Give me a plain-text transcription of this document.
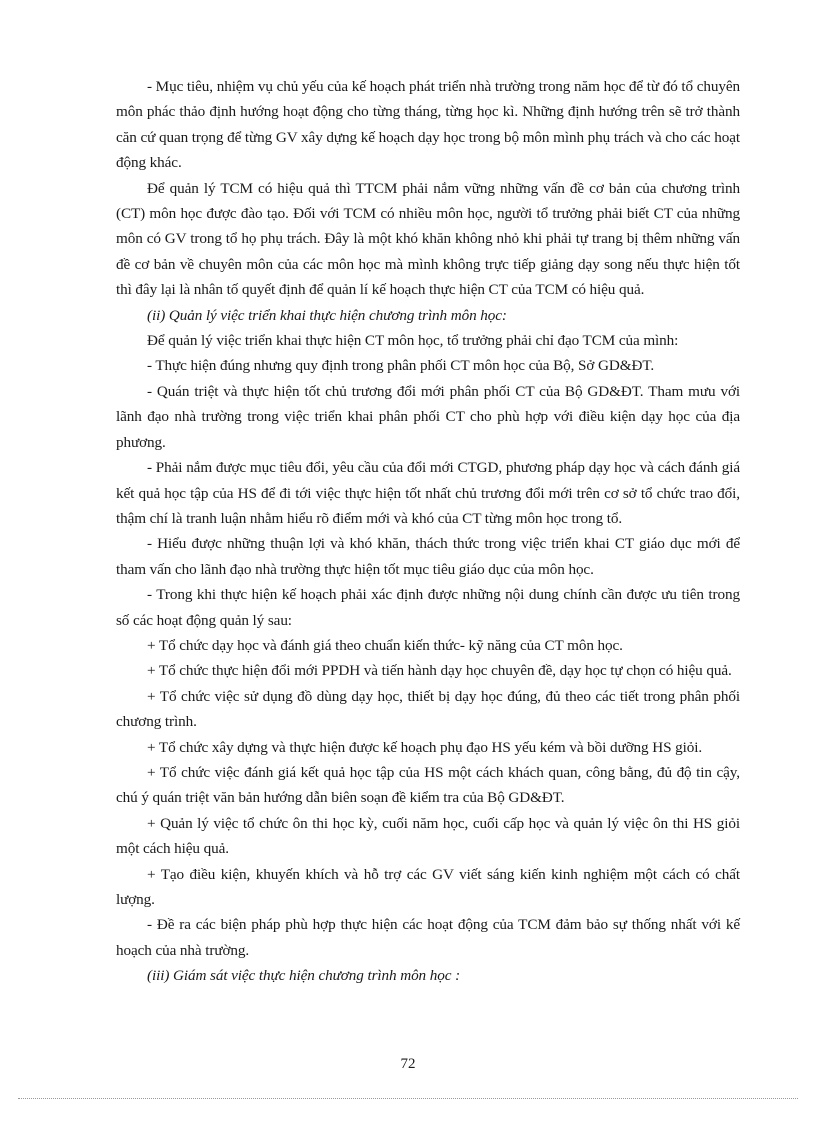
- Mục tiêu, nhiệm vụ chủ yếu của kế hoạch phát triển nhà trường trong năm học để từ đó tổ chuyên môn phác thảo định hướng hoạt động cho từng tháng, từng học kì. Những định hướng trên sẽ trở thành căn cứ quan trọng để từng GV xây dựng kế hoạch dạy học trong bộ môn mình phụ trách và cho các hoạt động khác.

Để quản lý TCM có hiệu quả thì TTCM phải nắm vững những vấn đề cơ bản của chương trình (CT) môn học được đào tạo. Đối với TCM có nhiều môn học, người tổ trưởng phải biết CT của những môn có GV trong tổ họ phụ trách. Đây là một khó khăn không nhỏ khi phải tự trang bị thêm những vấn đề cơ bản về chuyên môn của các môn học mà mình không trực tiếp giảng dạy song nếu thực hiện tốt thì đây lại là nhân tố quyết định để quản lí kế hoạch thực hiện CT của TCM có hiệu quả.

(ii) Quản lý việc triển khai thực hiện chương trình môn học:

Để quản lý việc triển khai thực hiện CT môn học, tổ trưởng phải chỉ đạo TCM của mình:

- Thực hiện đúng nhưng quy định trong phân phối CT môn học của Bộ, Sở GD&ĐT.

- Quán triệt và thực hiện tốt chủ trương đổi mới phân phối CT của Bộ GD&ĐT. Tham mưu với lãnh đạo nhà trường trong việc triển khai phân phối CT cho phù hợp với điều kiện dạy học của địa phương.

- Phải nắm được mục tiêu đổi, yêu cầu của đổi mới CTGD, phương pháp dạy học và cách đánh giá kết quả học tập của HS để đi tới việc thực hiện tốt nhất chủ trương đổi mới trên cơ sở tổ chức trao đổi, thậm chí là tranh luận nhằm hiểu rõ điểm mới và khó của CT từng môn học trong tổ.

- Hiểu được những thuận lợi và khó khăn, thách thức trong việc triển khai CT giáo dục mới để tham vấn cho lãnh đạo nhà trường thực hiện tốt mục tiêu giáo dục của môn học.

- Trong khi thực hiện kế hoạch phải xác định được những nội dung chính cần được ưu tiên trong số các hoạt động quản lý sau:

+ Tổ chức dạy học và đánh giá theo chuẩn kiến thức- kỹ năng của CT môn học.

+ Tổ chức thực hiện đổi mới PPDH và tiến hành dạy học chuyên đề, dạy học tự chọn có hiệu quả.

+ Tổ chức việc sử dụng đồ dùng dạy học, thiết bị dạy học đúng, đủ theo các tiết trong phân phối chương trình.

+ Tổ chức xây dựng và thực hiện được kế hoạch phụ đạo HS yếu kém và bồi dưỡng HS giỏi.

+ Tổ chức việc đánh giá kết quả học tập của HS một cách khách quan, công bằng, đủ độ tin cậy, chú ý quán triệt văn bản hướng dẫn biên soạn đề kiểm tra của Bộ GD&ĐT.

+ Quản lý việc tổ chức ôn thi học kỳ, cuối năm học, cuối cấp học và quản lý việc ôn thi HS giỏi một cách hiệu quả.

+ Tạo điều kiện, khuyến khích và hỗ trợ các GV viết sáng kiến kinh nghiệm một cách có chất lượng.

- Đề ra các biện pháp phù hợp thực hiện các hoạt động của TCM đảm bảo sự thống nhất với kế hoạch của nhà trường.

(iii) Giám sát việc thực hiện chương trình môn học :

72
